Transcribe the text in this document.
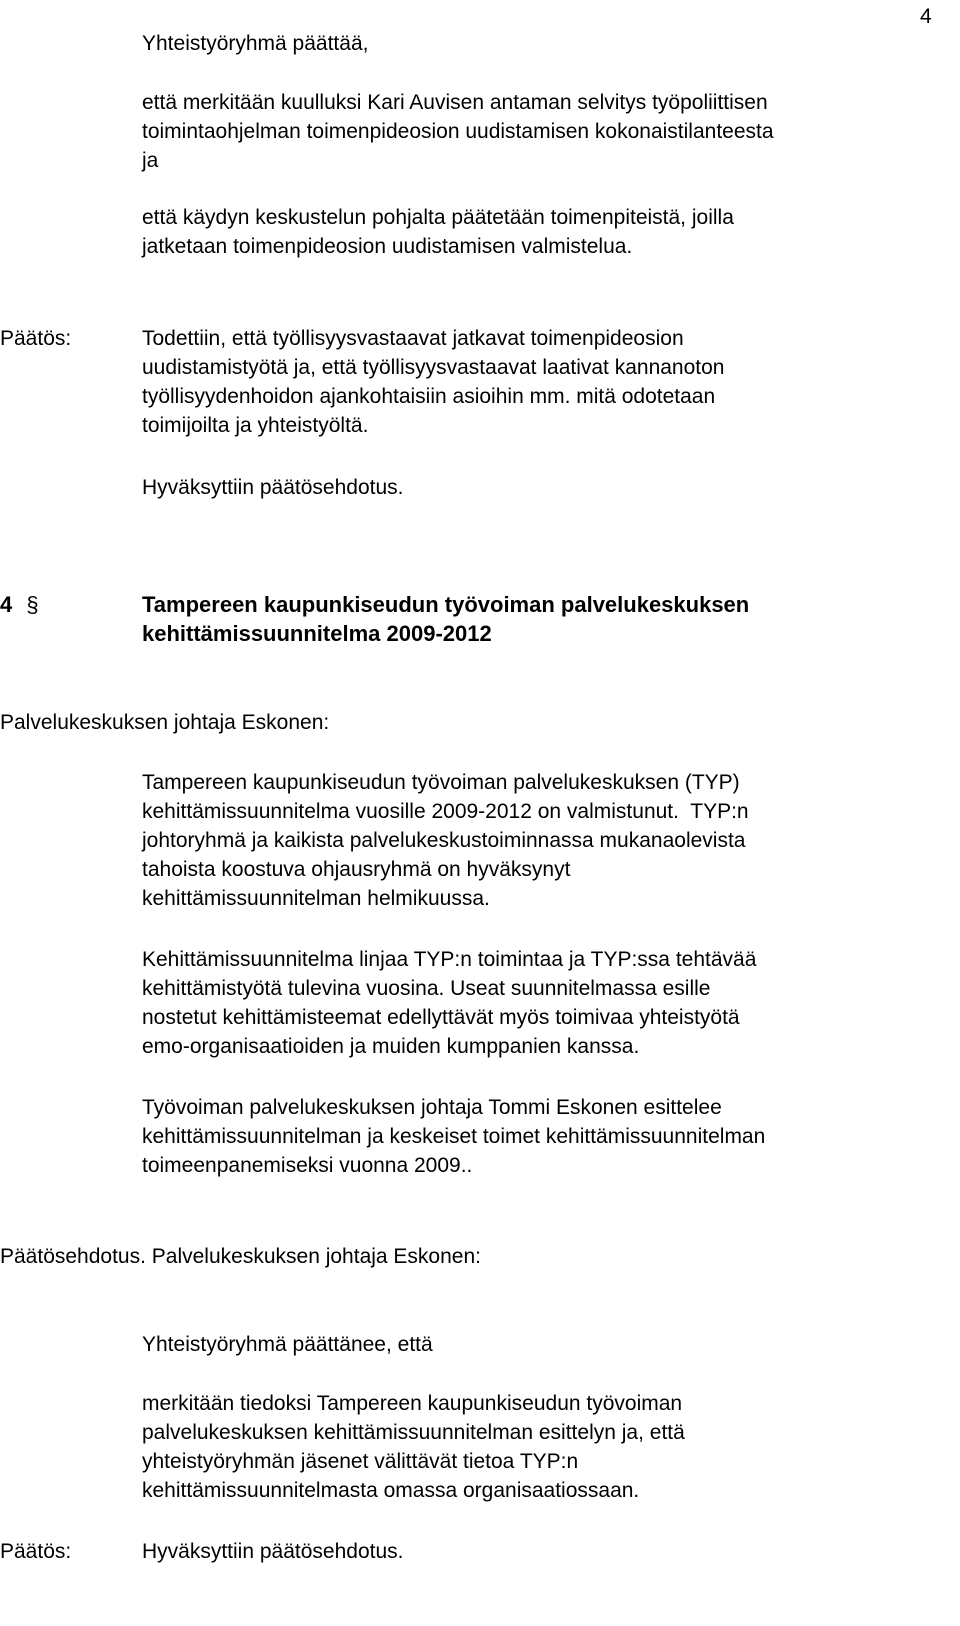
4
Yhteistyöryhmä päättää,
että merkitään kuulluksi Kari Auvisen antaman selvitys työpoliittisen
toimintaohjelman toimenpideosion uudistamisen kokonaistilanteesta
ja
että käydyn keskustelun pohjalta päätetään toimenpiteistä, joilla
jatketaan toimenpideosion uudistamisen valmistelua.
Päätös:	Todettiin, että työllisyysvastaavat jatkavat toimenpideosion
uudistamistyötä ja, että työllisyysvastaavat laativat kannanoton
työllisyydenhoidon ajankohtaisiin asioihin mm. mitä odotetaan
toimijoilta ja yhteistyöltä.
Hyväksyttiin päätösehdotus.
4 §	Tampereen kaupunkiseudun työvoiman palvelukeskuksen
kehittämissuunnitelma 2009-2012
Palvelukeskuksen johtaja Eskonen:
Tampereen kaupunkiseudun työvoiman palvelukeskuksen (TYP)
kehittämissuunnitelma vuosille 2009-2012 on valmistunut.  TYP:n
johtoryhmä ja kaikista palvelukeskustoiminnassa mukanaolevista
tahoista koostuva ohjausryhmä on hyväksynyt
kehittämissuunnitelman helmikuussa.
Kehittämissuunnitelma linjaa TYP:n toimintaa ja TYP:ssa tehtävää
kehittämistyötä tulevina vuosina. Useat suunnitelmassa esille
nostetut kehittämisteemat edellyttävät myös toimivaa yhteistyötä
emo-organisaatioiden ja muiden kumppanien kanssa.
Työvoiman palvelukeskuksen johtaja Tommi Eskonen esittelee
kehittämissuunnitelman ja keskeiset toimet kehittämissuunnitelman
toimeenpanemiseksi vuonna 2009..
Päätösehdotus. Palvelukeskuksen johtaja Eskonen:
Yhteistyöryhmä päättänee, että
merkitään tiedoksi Tampereen kaupunkiseudun työvoiman
palvelukeskuksen kehittämissuunnitelman esittelyn ja, että
yhteistyöryhmän jäsenet välittävät tietoa TYP:n
kehittämissuunnitelmasta omassa organisaatiossaan.
Päätös:	Hyväksyttiin päätösehdotus.
